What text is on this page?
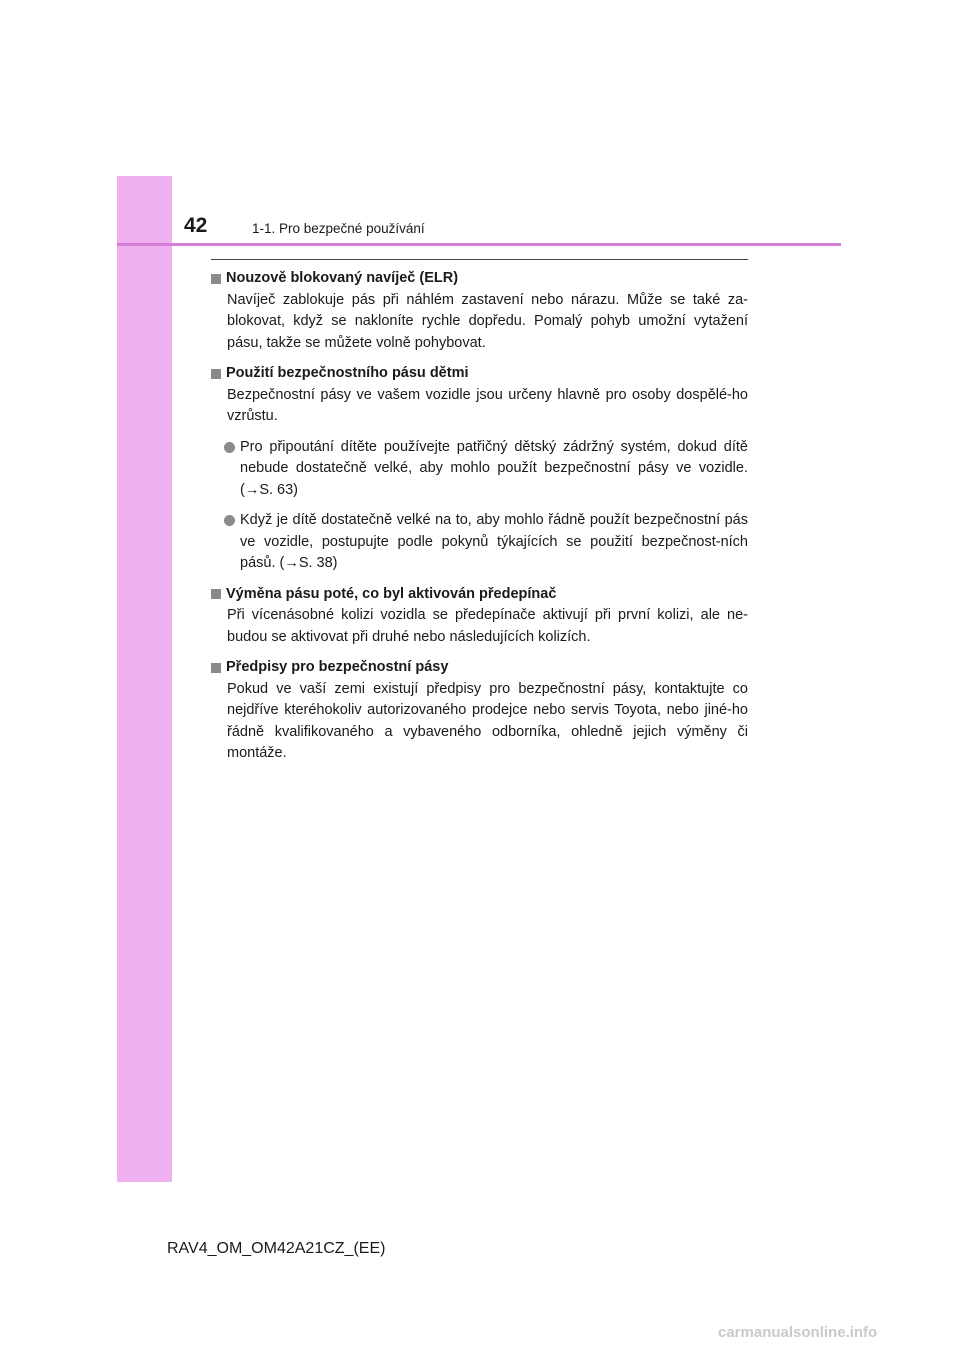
42	1-1. Pro bezpečné používání
Nouzově blokovaný navíječ (ELR)
Navíječ zablokuje pás při náhlém zastavení nebo nárazu. Může se také za-blokovat, když se nakloníte rychle dopředu. Pomalý pohyb umožní vytažení pásu, takže se můžete volně pohybovat.
Použití bezpečnostního pásu dětmi
Bezpečnostní pásy ve vašem vozidle jsou určeny hlavně pro osoby dospělé-ho vzrůstu.
Pro připoutání dítěte používejte patřičný dětský zádržný systém, dokud dítě nebude dostatečně velké, aby mohlo použít bezpečnostní pásy ve vozidle. (→S. 63)
Když je dítě dostatečně velké na to, aby mohlo řádně použít bezpečnostní pás ve vozidle, postupujte podle pokynů týkajících se použití bezpečnost-ních pásů. (→S. 38)
Výměna pásu poté, co byl aktivován předepínač
Při vícenásobné kolizi vozidla se předepínače aktivují při první kolizi, ale ne-budou se aktivovat při druhé nebo následujících kolizích.
Předpisy pro bezpečnostní pásy
Pokud ve vaší zemi existují předpisy pro bezpečnostní pásy, kontaktujte co nejdříve kteréhokoliv autorizovaného prodejce nebo servis Toyota, nebo jiné-ho řádně kvalifikovaného a vybaveného odborníka, ohledně jejich výměny či montáže.
RAV4_OM_OM42A21CZ_(EE)
carmanualsonline.info
